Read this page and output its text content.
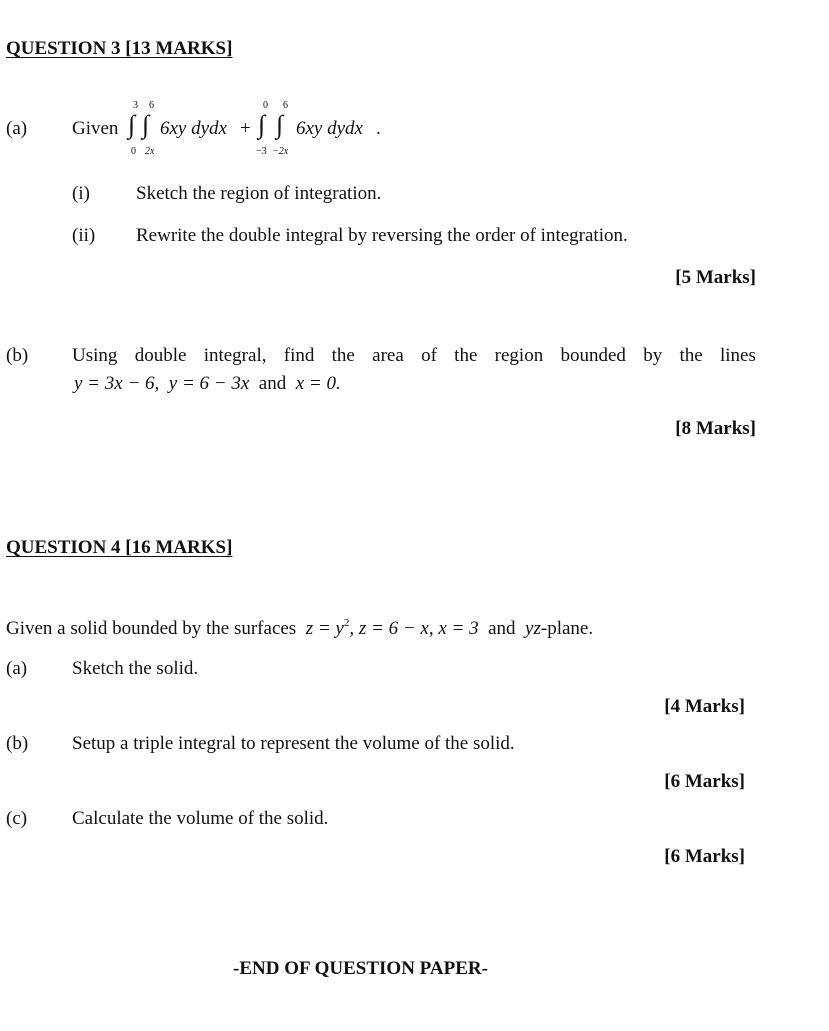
QUESTION 3 [13 MARKS]
(a) Given
3 6
∫ ∫
0 2x
6xy dydx +
0 6
∫ ∫
−3 −2x
6xy dydx .
(i) Sketch the region of integration.
(ii) Rewrite the double integral by reversing the order of integration.
[5 Marks]
(b) Using double integral, find the area of the region bounded by the lines
y = 3x − 6, y = 6 − 3x and x = 0.
[8 Marks]
QUESTION 4 [16 MARKS]
Given a solid bounded by the surfaces $z = y^2$, z = 6 − x, x = 3 and yz-plane.
(a) Sketch the solid.
[4 Marks]
(b) Setup a triple integral to represent the volume of the solid.
[6 Marks]
(c) Calculate the volume of the solid.
[6 Marks]
-END OF QUESTION PAPER-
